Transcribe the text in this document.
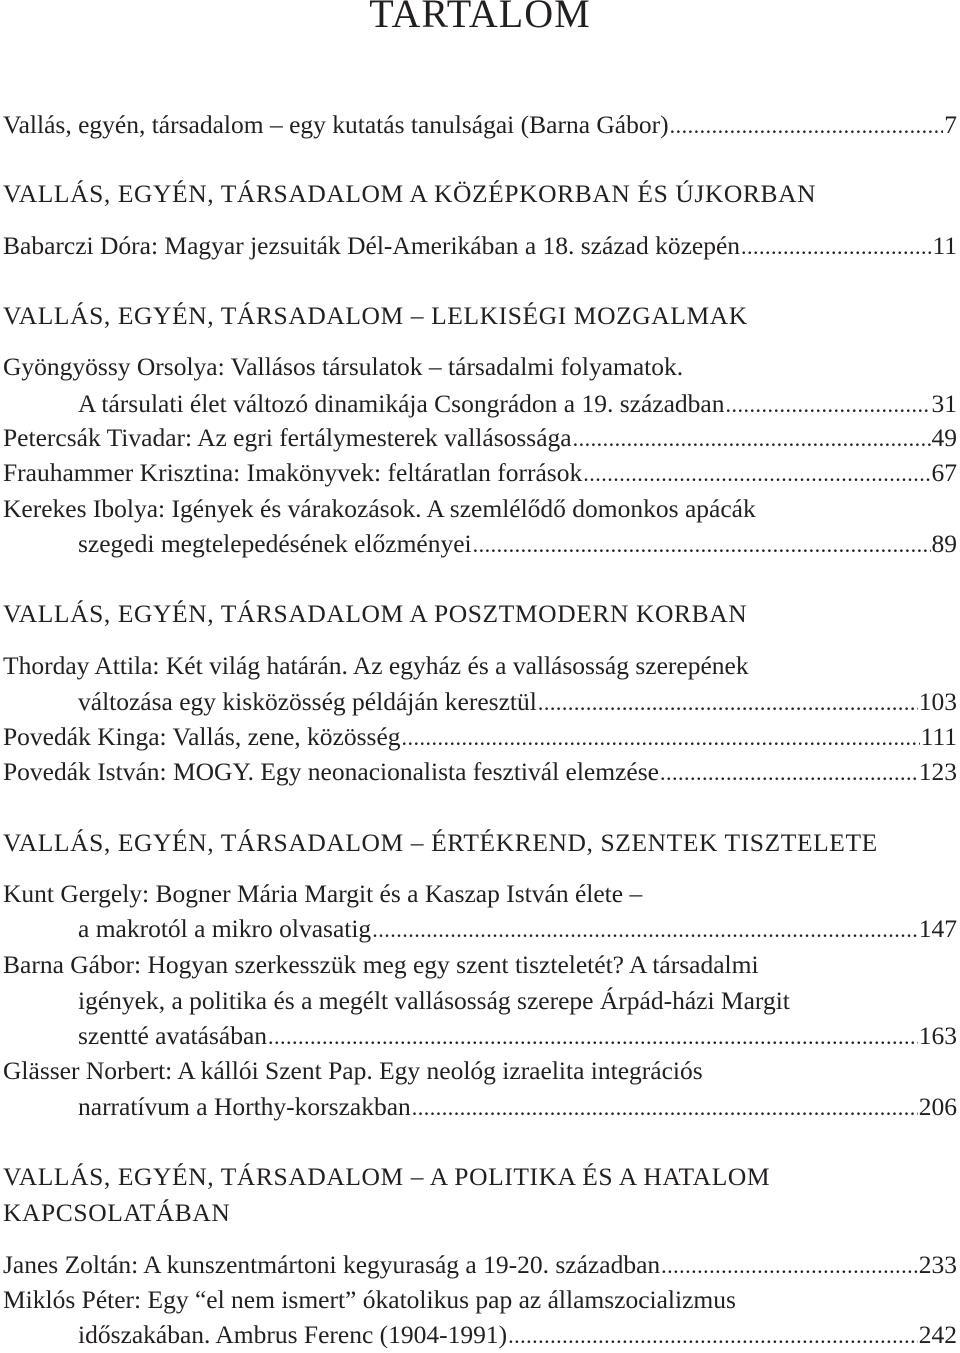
TARTALOM
Vallás, egyén, társadalom – egy kutatás tanulságai (Barna Gábor) .....	7
VALLÁS, EGYÉN, TÁRSADALOM A KÖZÉPKORBAN ÉS ÚJKORBAN
Babarczi Dóra: Magyar jezsuiták Dél-Amerikában a 18. század közepén .....	11
VALLÁS, EGYÉN, TÁRSADALOM – LELKISÉGI MOZGALMAK
Gyöngyössy Orsolya: Vallásos társulatok – társadalmi folyamatok.
A társulati élet változó dinamikája Csongrádon a 19. században .....	31
Petercsák Tivadar: Az egri fertálymesterek vallásossága .....	49
Frauhammer Krisztina: Imakönyvek: feltáratlan források .....	67
Kerekes Ibolya: Igények és várakozások. A szemlélődő domonkos apácák
szegedi megtelepedésének előzményei .....	89
VALLÁS, EGYÉN, TÁRSADALOM A POSZTMODERN KORBAN
Thorday Attila: Két világ határán. Az egyház és a vallásosság szerepének
változása egy kisközösség példáján keresztül .....	103
Povedák Kinga: Vallás, zene, közösség .....	111
Povedák István: MOGY. Egy neonacionalista fesztivál elemzése .....	123
VALLÁS, EGYÉN, TÁRSADALOM – ÉRTÉKREND, SZENTEK TISZTELETE
Kunt Gergely: Bogner Mária Margit és a Kaszap István élete –
a makrotól a mikro olvasatig .....	147
Barna Gábor: Hogyan szerkesszük meg egy szent tiszteletét? A társadalmi
igények, a politika és a megélt vallásosság szerepe Árpád-házi Margit
szentté avatásában .....	163
Glässer Norbert: A kállói Szent Pap. Egy neológ izraelita integrációs
narratívum a Horthy-korszakban .....	206
VALLÁS, EGYÉN, TÁRSADALOM – A POLITIKA ÉS A HATALOM
KAPCSOLATÁBAN
Janes Zoltán: A kunszentmártoni kegyuraság a 19-20. században .....	233
Miklós Péter: Egy “el nem ismert” ókatolikus pap az államszocializmus
időszakában. Ambrus Ferenc (1904-1991) .....	242
